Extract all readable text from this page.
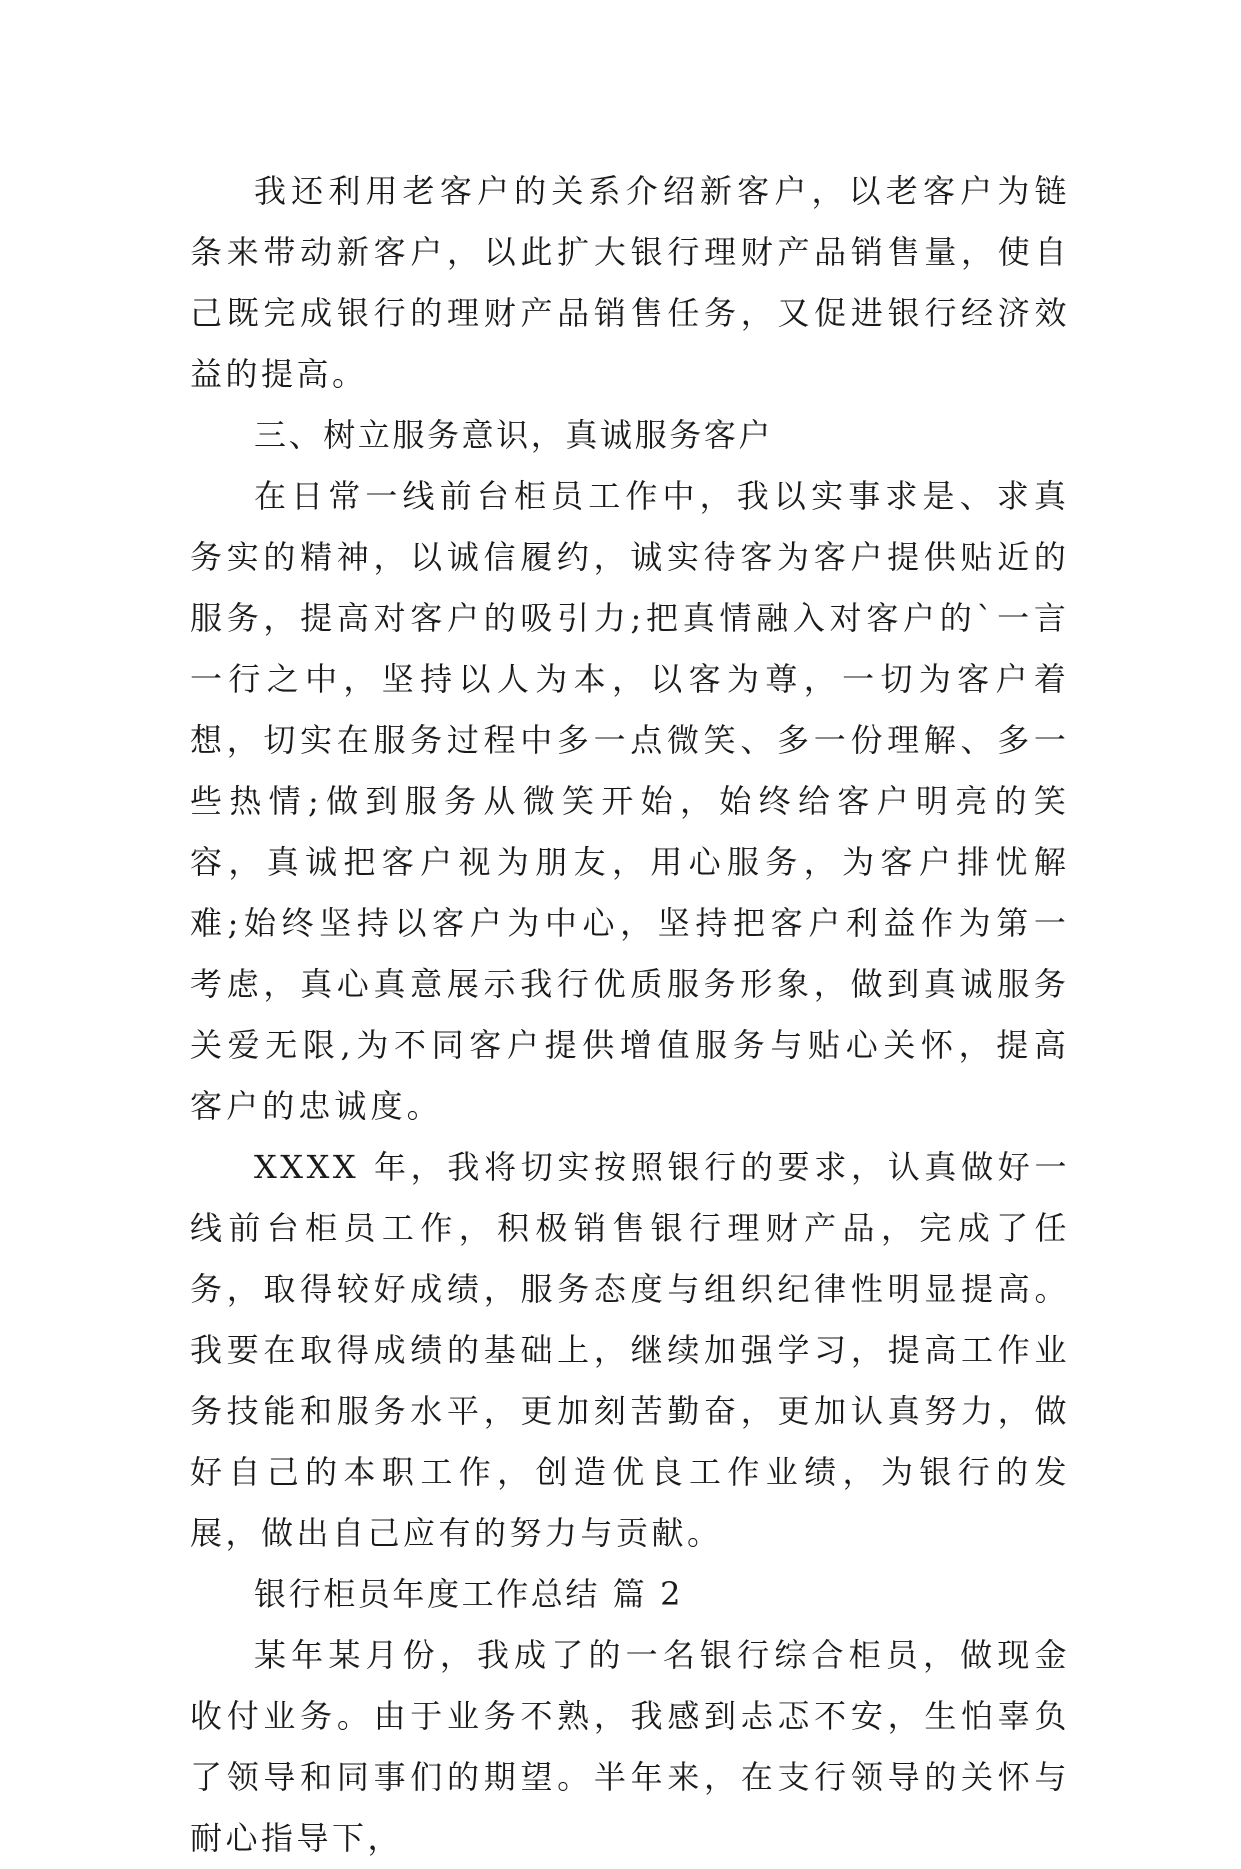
我还利用老客户的关系介绍新客户，以老客户为链条来带动新客户，以此扩大银行理财产品销售量，使自己既完成银行的理财产品销售任务，又促进银行经济效益的提高。

三、树立服务意识，真诚服务客户

在日常一线前台柜员工作中，我以实事求是、求真务实的精神，以诚信履约，诚实待客为客户提供贴近的服务，提高对客户的吸引力;把真情融入对客户的`一言一行之中，坚持以人为本，以客为尊，一切为客户着想，切实在服务过程中多一点微笑、多一份理解、多一些热情;做到服务从微笑开始，始终给客户明亮的笑容，真诚把客户视为朋友，用心服务，为客户排忧解难;始终坚持以客户为中心，坚持把客户利益作为第一考虑，真心真意展示我行优质服务形象，做到真诚服务关爱无限,为不同客户提供增值服务与贴心关怀，提高客户的忠诚度。

XXXX 年，我将切实按照银行的要求，认真做好一线前台柜员工作，积极销售银行理财产品，完成了任务，取得较好成绩，服务态度与组织纪律性明显提高。我要在取得成绩的基础上，继续加强学习，提高工作业务技能和服务水平，更加刻苦勤奋，更加认真努力，做好自己的本职工作，创造优良工作业绩，为银行的发展，做出自己应有的努力与贡献。

银行柜员年度工作总结 篇 2

某年某月份，我成了的一名银行综合柜员，做现金收付业务。由于业务不熟，我感到忐忑不安，生怕辜负了领导和同事们的期望。半年来，在支行领导的关怀与耐心指导下，
